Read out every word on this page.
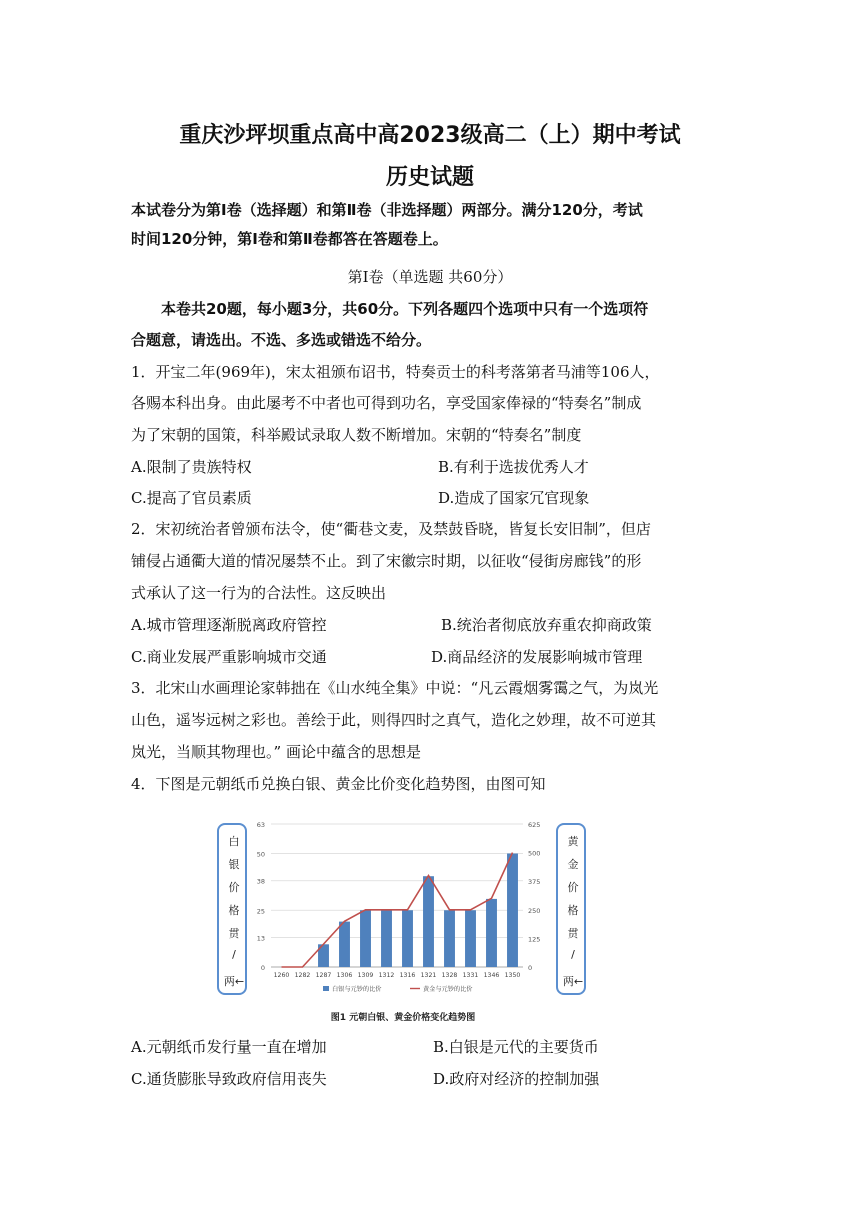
重庆沙坪坝重点高中高2023级高二（上）期中考试
历史试题
本试卷分为第Ⅰ卷（选择题）和第Ⅱ卷（非选择题）两部分。满分120分，考试
时间120分钟，第Ⅰ卷和第Ⅱ卷都答在答题卷上。
第Ⅰ卷（单选题 共60分）
本卷共20题，每小题3分，共60分。下列各题四个选项中只有一个选项符
合题意，请选出。不选、多选或错选不给分。
1．开宝二年(969年)，宋太祖颁布诏书，特奏贡士的科考落第者马浦等106人，
各赐本科出身。由此屡考不中者也可得到功名，享受国家俸禄的“特奏名”制成
为了宋朝的国策，科举殿试录取人数不断增加。宋朝的“特奏名”制度
A.限制了贵族特权	B.有利于选拔优秀人才
C.提高了官员素质	D.造成了国家冗官现象
2．宋初统治者曾颁布法令，使“衢巷文麦，及禁鼓昏晓，皆复长安旧制”，但店
铺侵占通衢大道的情况屡禁不止。到了宋徽宗时期，以征收“侵街房廊钱”的形
式承认了这一行为的合法性。这反映出
A.城市管理逐渐脱离政府管控	B.统治者彻底放弃重农抑商政策
C.商业发展严重影响城市交通	D.商品经济的发展影响城市管理
3．北宋山水画理论家韩拙在《山水纯全集》中说：“凡云霞烟雾霭之气，为岚光
山色，遥岑远树之彩也。善绘于此，则得四时之真气，造化之妙理，故不可逆其
岚光，当顺其物理也。” 画论中蕴含的思想是
4．下图是元朝纸币兑换白银、黄金比价变化趋势图，由图可知
白
银
价
格
贯
/
两←
黄
金
价
格
贯
/
两←
0
13
25
38
50
63
0
125
250
375
500
625
1260 1282 1287 1306 1309 1312 1316 1321 1328 1331 1346 1350
白银与元钞的比价	黄金与元钞的比价
图1 元朝白银、黄金价格变化趋势图
A.元朝纸币发行量一直在增加	B.白银是元代的主要货币
C.通货膨胀导致政府信用丧失	D.政府对经济的控制加强
